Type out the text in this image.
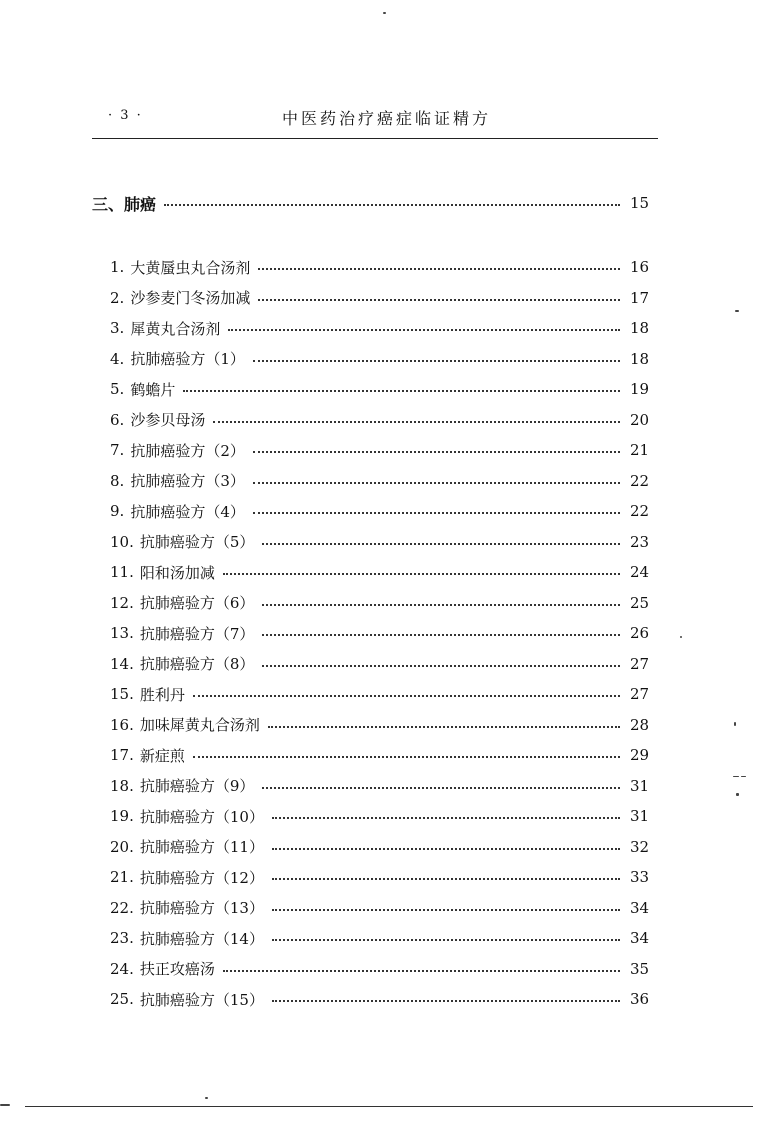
· 3 ·	中医药治疗癌症临证精方
三、肺癌	15
1. 大黄蜃虫丸合汤剂	16
2. 沙参麦门冬汤加减	17
3. 犀黄丸合汤剂	18
4. 抗肺癌验方（1）	18
5. 鹤蟾片	19
6. 沙参贝母汤	20
7. 抗肺癌验方（2）	21
8. 抗肺癌验方（3）	22
9. 抗肺癌验方（4）	22
10. 抗肺癌验方（5）	23
11. 阳和汤加减	24
12. 抗肺癌验方（6）	25
13. 抗肺癌验方（7）	26
14. 抗肺癌验方（8）	27
15. 胜利丹	27
16. 加味犀黄丸合汤剂	28
17. 新症煎	29
18. 抗肺癌验方（9）	31
19. 抗肺癌验方（10）	31
20. 抗肺癌验方（11）	32
21. 抗肺癌验方（12）	33
22. 抗肺癌验方（13）	34
23. 抗肺癌验方（14）	34
24. 扶正攻癌汤	35
25. 抗肺癌验方（15）	36
